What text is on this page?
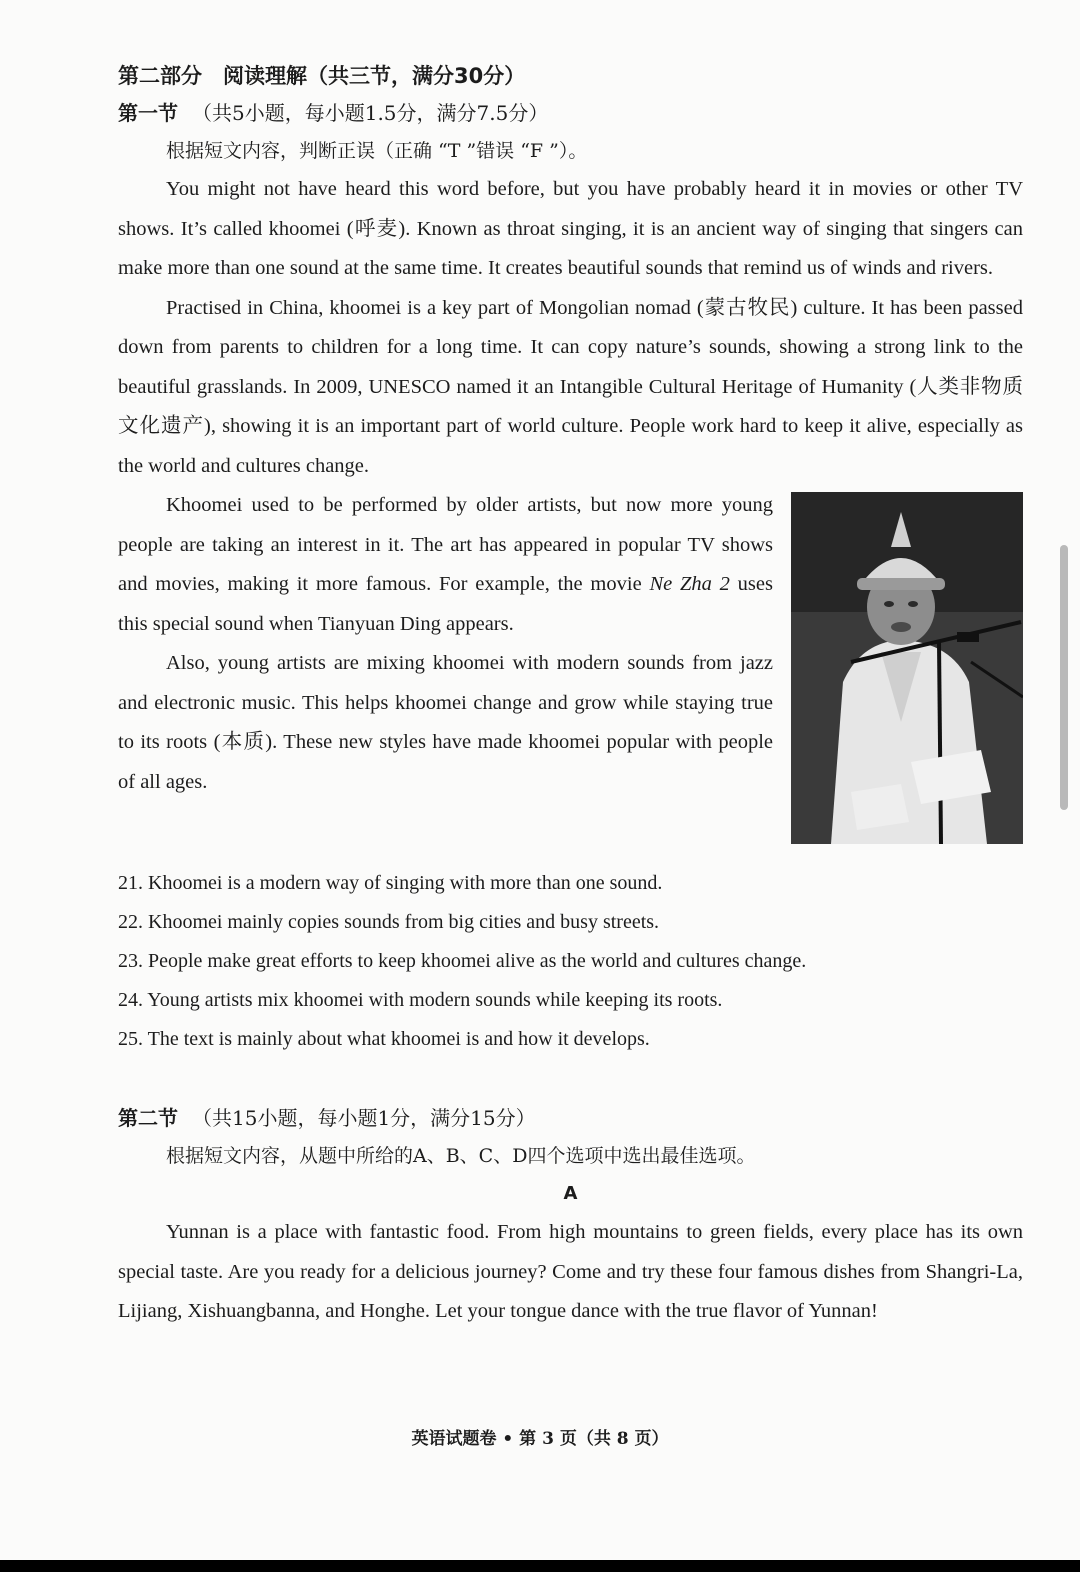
第二部分　阅读理解（共三节，满分30分）

第一节 （共5小题，每小题1.5分，满分7.5分）

根据短文内容，判断正误（正确 “T ”错误 “F ”）。

You might not have heard this word before, but you have probably heard it in movies or other TV shows. It’s called khoomei (呼麦). Known as throat singing, it is an ancient way of singing that singers can make more than one sound at the same time. It creates beautiful sounds that remind us of winds and rivers.

Practised in China, khoomei is a key part of Mongolian nomad (蒙古牧民) culture. It has been passed down from parents to children for a long time. It can copy nature’s sounds, showing a strong link to the beautiful grasslands. In 2009, UNESCO named it an Intangible Cultural Heritage of Humanity (人类非物质文化遗产), showing it is an important part of world culture. People work hard to keep it alive, especially as the world and cultures change.

Khoomei used to be performed by older artists, but now more young people are taking an interest in it. The art has appeared in popular TV shows and movies, making it more famous. For example, the movie Ne Zha 2 uses this special sound when Tianyuan Ding appears.

Also, young artists are mixing khoomei with modern sounds from jazz and electronic music. This helps khoomei change and grow while staying true to its roots (本质). These new styles have made khoomei popular with people of all ages.

21. Khoomei is a modern way of singing with more than one sound.

22. Khoomei mainly copies sounds from big cities and busy streets.

23. People make great efforts to keep khoomei alive as the world and cultures change.

24. Young artists mix khoomei with modern sounds while keeping its roots.

25. The text is mainly about what khoomei is and how it develops.

第二节 （共15小题，每小题1分，满分15分）

根据短文内容，从题中所给的A、B、C、D四个选项中选出最佳选项。

A

Yunnan is a place with fantastic food. From high mountains to green fields, every place has its own special taste. Are you ready for a delicious journey? Come and try these four famous dishes from Shangri-La, Lijiang, Xishuangbanna, and Honghe. Let your tongue dance with the true flavor of Yunnan!

英语试题卷 • 第 3 页（共 8 页）
